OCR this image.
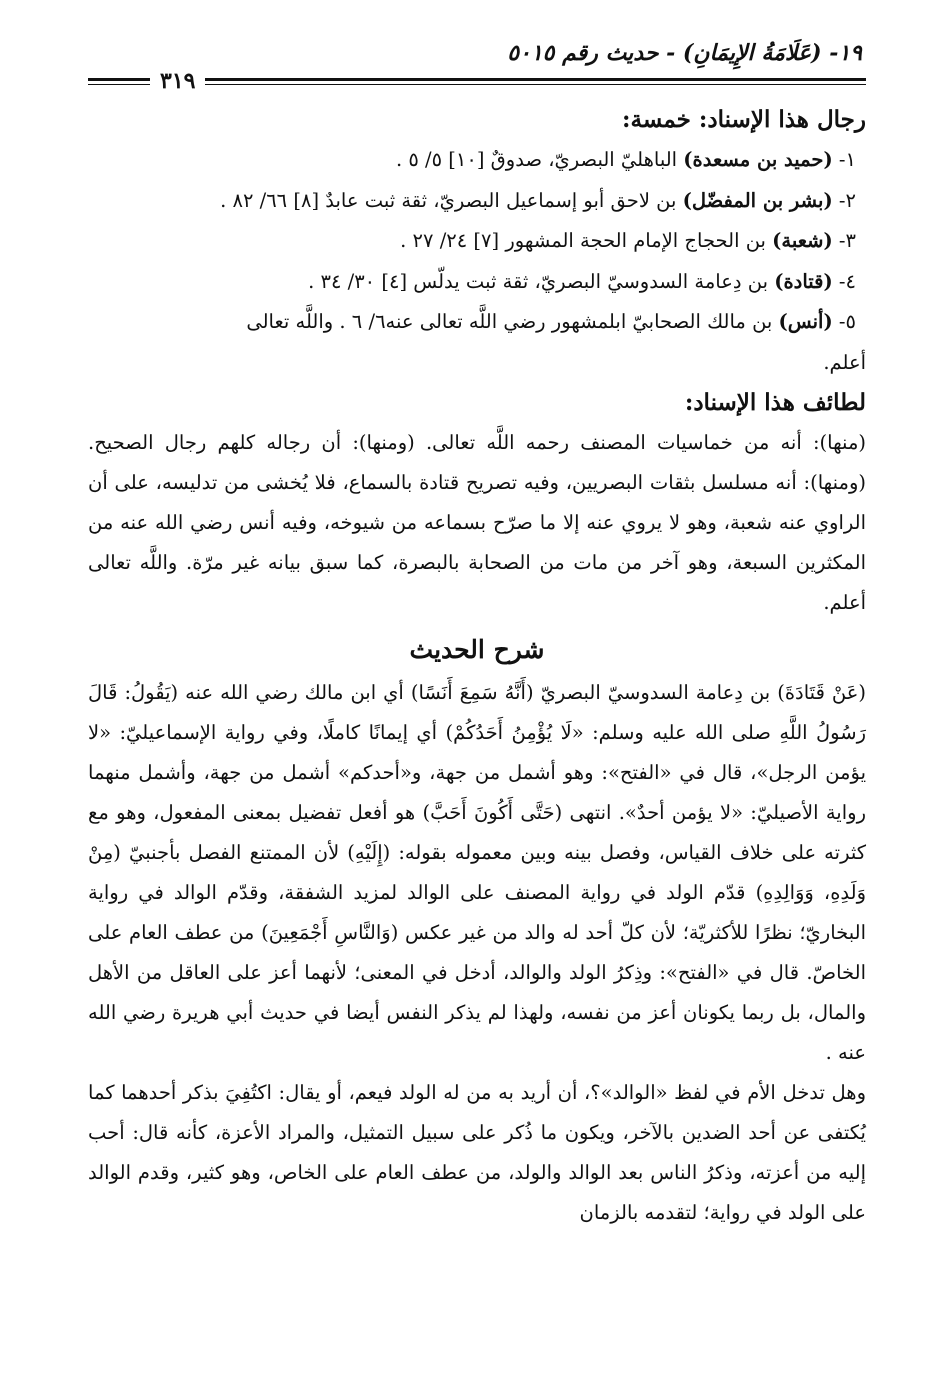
١٩- (عَلَامَةُ الإِيمَانِ) - حديث رقم ٥٠١٥
٣١٩
رجال هذا الإسناد: خمسة:

١- (حميد بن مسعدة) الباهليّ البصريّ، صدوقٌ [١٠] ٥/ ٥ .

٢- (بشر بن المفضّل) بن لاحق أبو إسماعيل البصريّ، ثقة ثبت عابدٌ [٨] ٦٦/ ٨٢ .

٣- (شعبة) بن الحجاج الإمام الحجة المشهور [٧] ٢٤/ ٢٧ .

٤- (قتادة) بن دِعامة السدوسيّ البصريّ، ثقة ثبت يدلّس [٤] ٣٠/ ٣٤ .

٥- (أنس) بن مالك الصحابيّ ابلمشهور رضي اللَّه تعالى عنه٦/ ٦ . واللَّه تعالى

أعلم.

لطائف هذا الإسناد:

(منها): أنه من خماسيات المصنف رحمه اللَّه تعالى. (ومنها): أن رجاله كلهم رجال الصحيح. (ومنها): أنه مسلسل بثقات البصريين، وفيه تصريح قتادة بالسماع، فلا يُخشى من تدليسه، على أن الراوي عنه شعبة، وهو لا يروي عنه إلا ما صرّح بسماعه من شيوخه، وفيه أنس رضي الله عنه من المكثرين السبعة، وهو آخر من مات من الصحابة بالبصرة، كما سبق بيانه غير مرّة. واللَّه تعالى أعلم.

شرح الحديث

(عَنْ قَتَادَةَ) بن دِعامة السدوسيّ البصريّ (أَنَّهُ سَمِعَ أَنَسًا) أي ابن مالك رضي الله عنه (يَقُولُ: قَالَ رَسُولُ اللَّهِ صلى الله عليه وسلم: «لَا يُؤْمِنُ أَحَدُكُمْ) أي إيمانًا كاملًا، وفي رواية الإسماعيليّ: «لا يؤمن الرجل»، قال في «الفتح»: وهو أشمل من جهة، و«أحدكم» أشمل من جهة، وأشمل منهما رواية الأصيليّ: «لا يؤمن أحدٌ». انتهى (حَتَّى أَكُونَ أَحَبَّ) هو أفعل تفضيل بمعنى المفعول، وهو مع كثرته على خلاف القياس، وفصل بينه وبين معموله بقوله: (إِلَيْهِ) لأن الممتنع الفصل بأجنبيّ (مِنْ وَلَدِهِ، وَوَالِدِهِ) قدّم الولد في رواية المصنف على الوالد لمزيد الشفقة، وقدّم الوالد في رواية البخاريّ؛ نظرًا للأكثريّة؛ لأن كلّ أحد له والد من غير عكس (وَالنَّاسِ أَجْمَعِينَ) من عطف العام على الخاصّ. قال في «الفتح»: وذِكرُ الولد والوالد، أدخل في المعنى؛ لأنهما أعز على العاقل من الأهل والمال، بل ربما يكونان أعز من نفسه، ولهذا لم يذكر النفس أيضا في حديث أبي هريرة رضي الله عنه .

وهل تدخل الأم في لفظ «الوالد»؟، أن أريد به من له الولد فيعم، أو يقال: اكتُفِيَ بذكر أحدهما كما يُكتفى عن أحد الضدين بالآخر، ويكون ما ذُكر على سبيل التمثيل، والمراد الأعزة، كأنه قال: أحب إليه من أعزته، وذكرُ الناس بعد الوالد والولد، من عطف العام على الخاص، وهو كثير، وقدم الوالد على الولد في رواية؛ لتقدمه بالزمان
